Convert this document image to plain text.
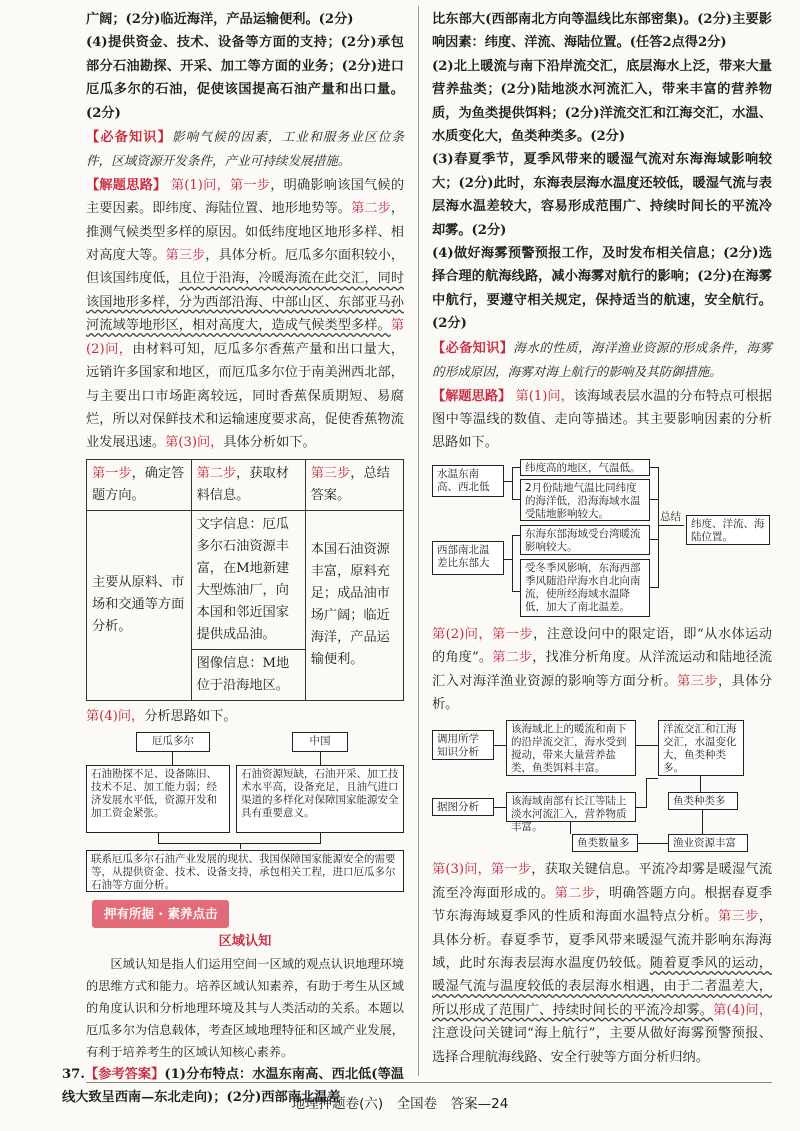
广阔；(2分)临近海洋，产品运输便利。(2分)

(4)提供资金、技术、设备等方面的支持；(2分)承包部分石油勘探、开采、加工等方面的业务；(2分)进口厄瓜多尔的石油，促使该国提高石油产量和出口量。(2分)

【必备知识】影响气候的因素，工业和服务业区位条件，区域资源开发条件，产业可持续发展措施。

【解题思路】 第(1)问，第一步，明确影响该国气候的主要因素。即纬度、海陆位置、地形地势等。第二步，推测气候类型多样的原因。如低纬度地区地形多样、相对高度大等。第三步，具体分析。厄瓜多尔面积较小，但该国纬度低，且位于沿海，冷暖海流在此交汇，同时该国地形多样，分为西部沿海、中部山区、东部亚马孙河流域等地形区，相对高度大，造成气候类型多样。第(2)问，由材料可知，厄瓜多尔香蕉产量和出口量大，远销许多国家和地区，而厄瓜多尔位于南美洲西北部，与主要出口市场距离较远，同时香蕉保质期短、易腐烂，所以对保鲜技术和运输速度要求高，促使香蕉物流业发展迅速。第(3)问，具体分析如下。

第一步，确定答题方向。	第二步，获取材料信息。	第三步，总结答案。
主要从原料、市场和交通等方面分析。	文字信息：厄瓜多尔石油资源丰富，在M地新建大型炼油厂，向本国和邻近国家提供成品油。	本国石油资源丰富，原料充足；成品油市场广阔；临近海洋，产品运输便利。
	图像信息：M地位于沿海地区。	

第(4)问，分析思路如下。

厄瓜多尔	中国
石油勘探不足、设备陈旧、技术不足、加工能力弱；经济发展水平低，资源开发和加工资金紧张。
石油资源短缺，石油开采、加工技术水平高，设备充足，且油气进口渠道的多样化对保障国家能源安全具有重要意义。
联系厄瓜多尔石油产业发展的现状、我国保障国家能源安全的需要等，从提供资金、技术、设备支持，承包相关工程，进口厄瓜多尔石油等方面分析。
押有所据 · 素养点击

区域认知

区域认知是指人们运用空间一区域的观点认识地理环境的思维方式和能力。培养区域认知素养，有助于考生从区域的角度认识和分析地理环境及其与人类活动的关系。本题以厄瓜多尔为信息载体，考查区域地理特征和区域产业发展，有利于培养考生的区域认知核心素养。

37.【参考答案】(1)分布特点：水温东南高、西北低(等温线大致呈西南—东北走向)；(2分)西部南北温差

比东部大(西部南北方向等温线比东部密集)。(2分)主要影响因素：纬度、洋流、海陆位置。(任答2点得2分)

(2)北上暖流与南下沿岸流交汇，底层海水上泛，带来大量营养盐类；(2分)陆地淡水河流汇入，带来丰富的营养物质，为鱼类提供饵料；(2分)洋流交汇和江海交汇，水温、水质变化大，鱼类种类多。(2分)

(3)春夏季节，夏季风带来的暖湿气流对东海海域影响较大；(2分)此时，东海表层海水温度还较低，暖湿气流与表层海水温差较大，容易形成范围广、持续时间长的平流冷却雾。(2分)

(4)做好海雾预警预报工作，及时发布相关信息；(2分)选择合理的航海线路，减小海雾对航行的影响；(2分)在海雾中航行，要遵守相关规定，保持适当的航速，安全航行。(2分)

【必备知识】海水的性质，海洋渔业资源的形成条件，海雾的形成原因，海雾对海上航行的影响及其防御措施。

【解题思路】 第(1)问，该海域表层水温的分布特点可根据图中等温线的数值、走向等描述。其主要影响因素的分析思路如下。

水温东南高、西北低
西部南北温差比东部大
纬度高的地区，气温低。
2月份陆地气温比同纬度的海洋低，沿海海域水温受陆地影响较大。
东海东部海域受台湾暖流影响较大。
受冬季风影响，东海西部季风随沿岸海水自北向南流，使所经海域水温降低，加大了南北温差。
总结
纬度、洋流、海陆位置。

第(2)问，第一步，注意设问中的限定语，即“从水体运动的角度”。第二步，找准分析角度。从洋流运动和陆地径流汇入对海洋渔业资源的影响等方面分析。第三步，具体分析。

调用所学知识分析
据图分析
该海域北上的暖流和南下的沿岸流交汇，海水受到搅动，带来大量营养盐类，鱼类饵料丰富。
该海域南部有长江等陆上淡水河流汇入，营养物质丰富。
洋流交汇和江海交汇，水温变化大，鱼类种类多。
鱼类种类多
鱼类数量多	渔业资源丰富

第(3)问，第一步，获取关键信息。平流冷却雾是暖湿气流流至冷海面形成的。第二步，明确答题方向。根据春夏季节东海海域夏季风的性质和海面水温特点分析。第三步，具体分析。春夏季节，夏季风带来暖湿气流并影响东海海域，此时东海表层海水温度仍较低。随着夏季风的运动，暖湿气流与温度较低的表层海水相遇，由于二者温差大，所以形成了范围广、持续时间长的平流冷却雾。第(4)问，注意设问关键词“海上航行”，主要从做好海雾预警预报、选择合理航海线路、安全行驶等方面分析归纳。

地理押题卷(六)　全国卷　答案—24
